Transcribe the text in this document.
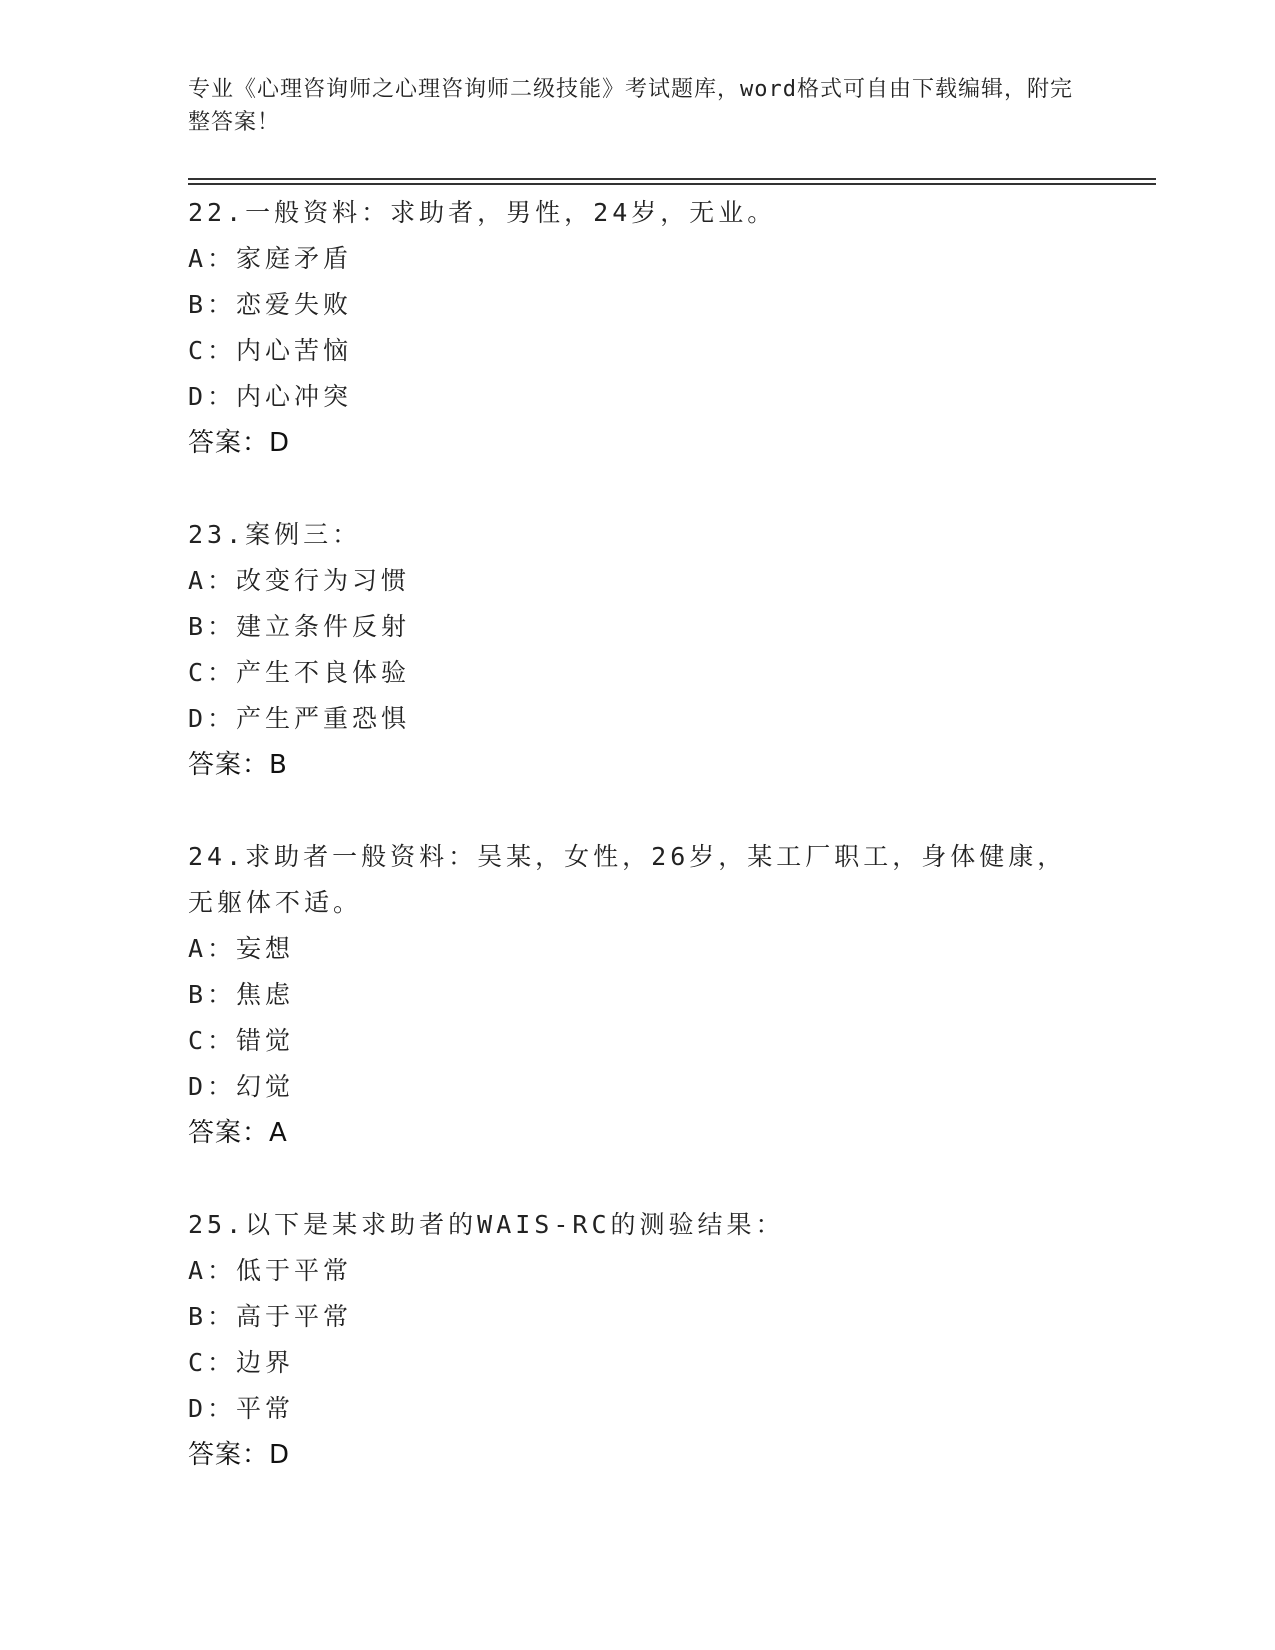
专业《心理咨询师之心理咨询师二级技能》考试题库，word格式可自由下载编辑，附完整答案！
22.一般资料：求助者，男性，24岁，无业。
A：家庭矛盾
B：恋爱失败
C：内心苦恼
D：内心冲突
答案：D
23.案例三：
A：改变行为习惯
B：建立条件反射
C：产生不良体验
D：产生严重恐惧
答案：B
24.求助者一般资料：吴某，女性，26岁，某工厂职工，身体健康，无躯体不适。
A：妄想
B：焦虑
C：错觉
D：幻觉
答案：A
25.以下是某求助者的WAIS-RC的测验结果：
A：低于平常
B：高于平常
C：边界
D：平常
答案：D
